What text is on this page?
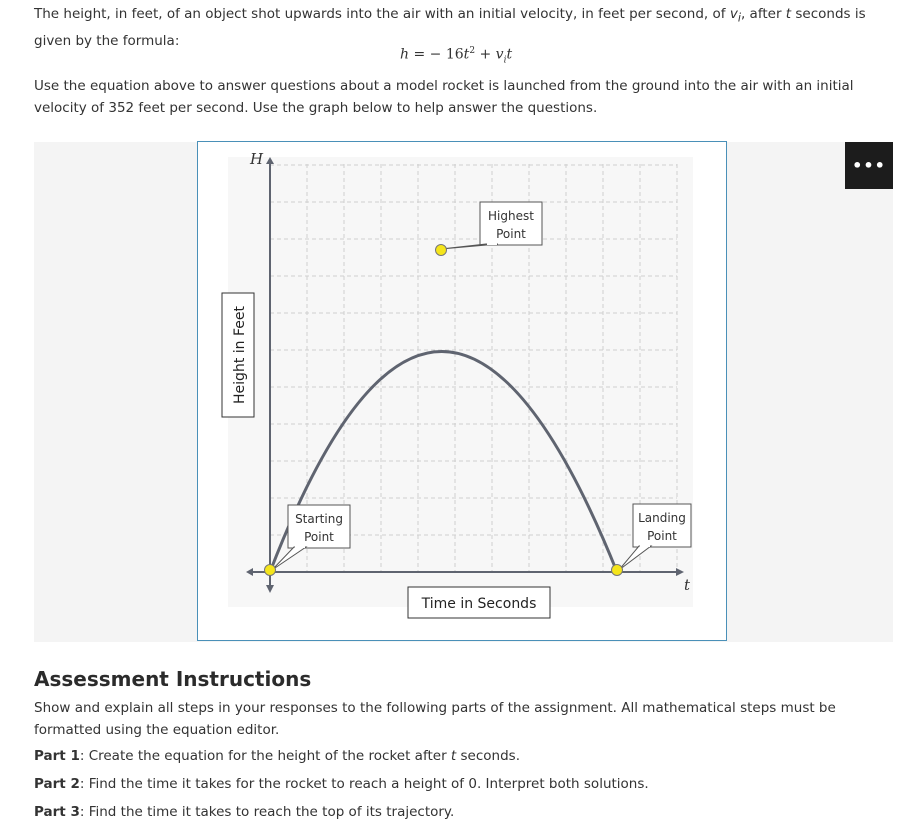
The height, in feet, of an object shot upwards into the air with an initial velocity, in feet per second, of $v_i$, after t seconds is given by the formula:
h = − $16t^2 + v_it$
Use the equation above to answer questions about a model rocket is launched from the ground into the air with an initial velocity of 352 feet per second. Use the graph below to help answer the questions.
H
t
Highest
Point
Starting
Point
Landing
Point
Height in Feet
Time in Seconds
•••
Assessment Instructions
Show and explain all steps in your responses to the following parts of the assignment. All mathematical steps must be formatted using the equation editor.
Part 1: Create the equation for the height of the rocket after t seconds.
Part 2: Find the time it takes for the rocket to reach a height of 0. Interpret both solutions.
Part 3: Find the time it takes to reach the top of its trajectory.
